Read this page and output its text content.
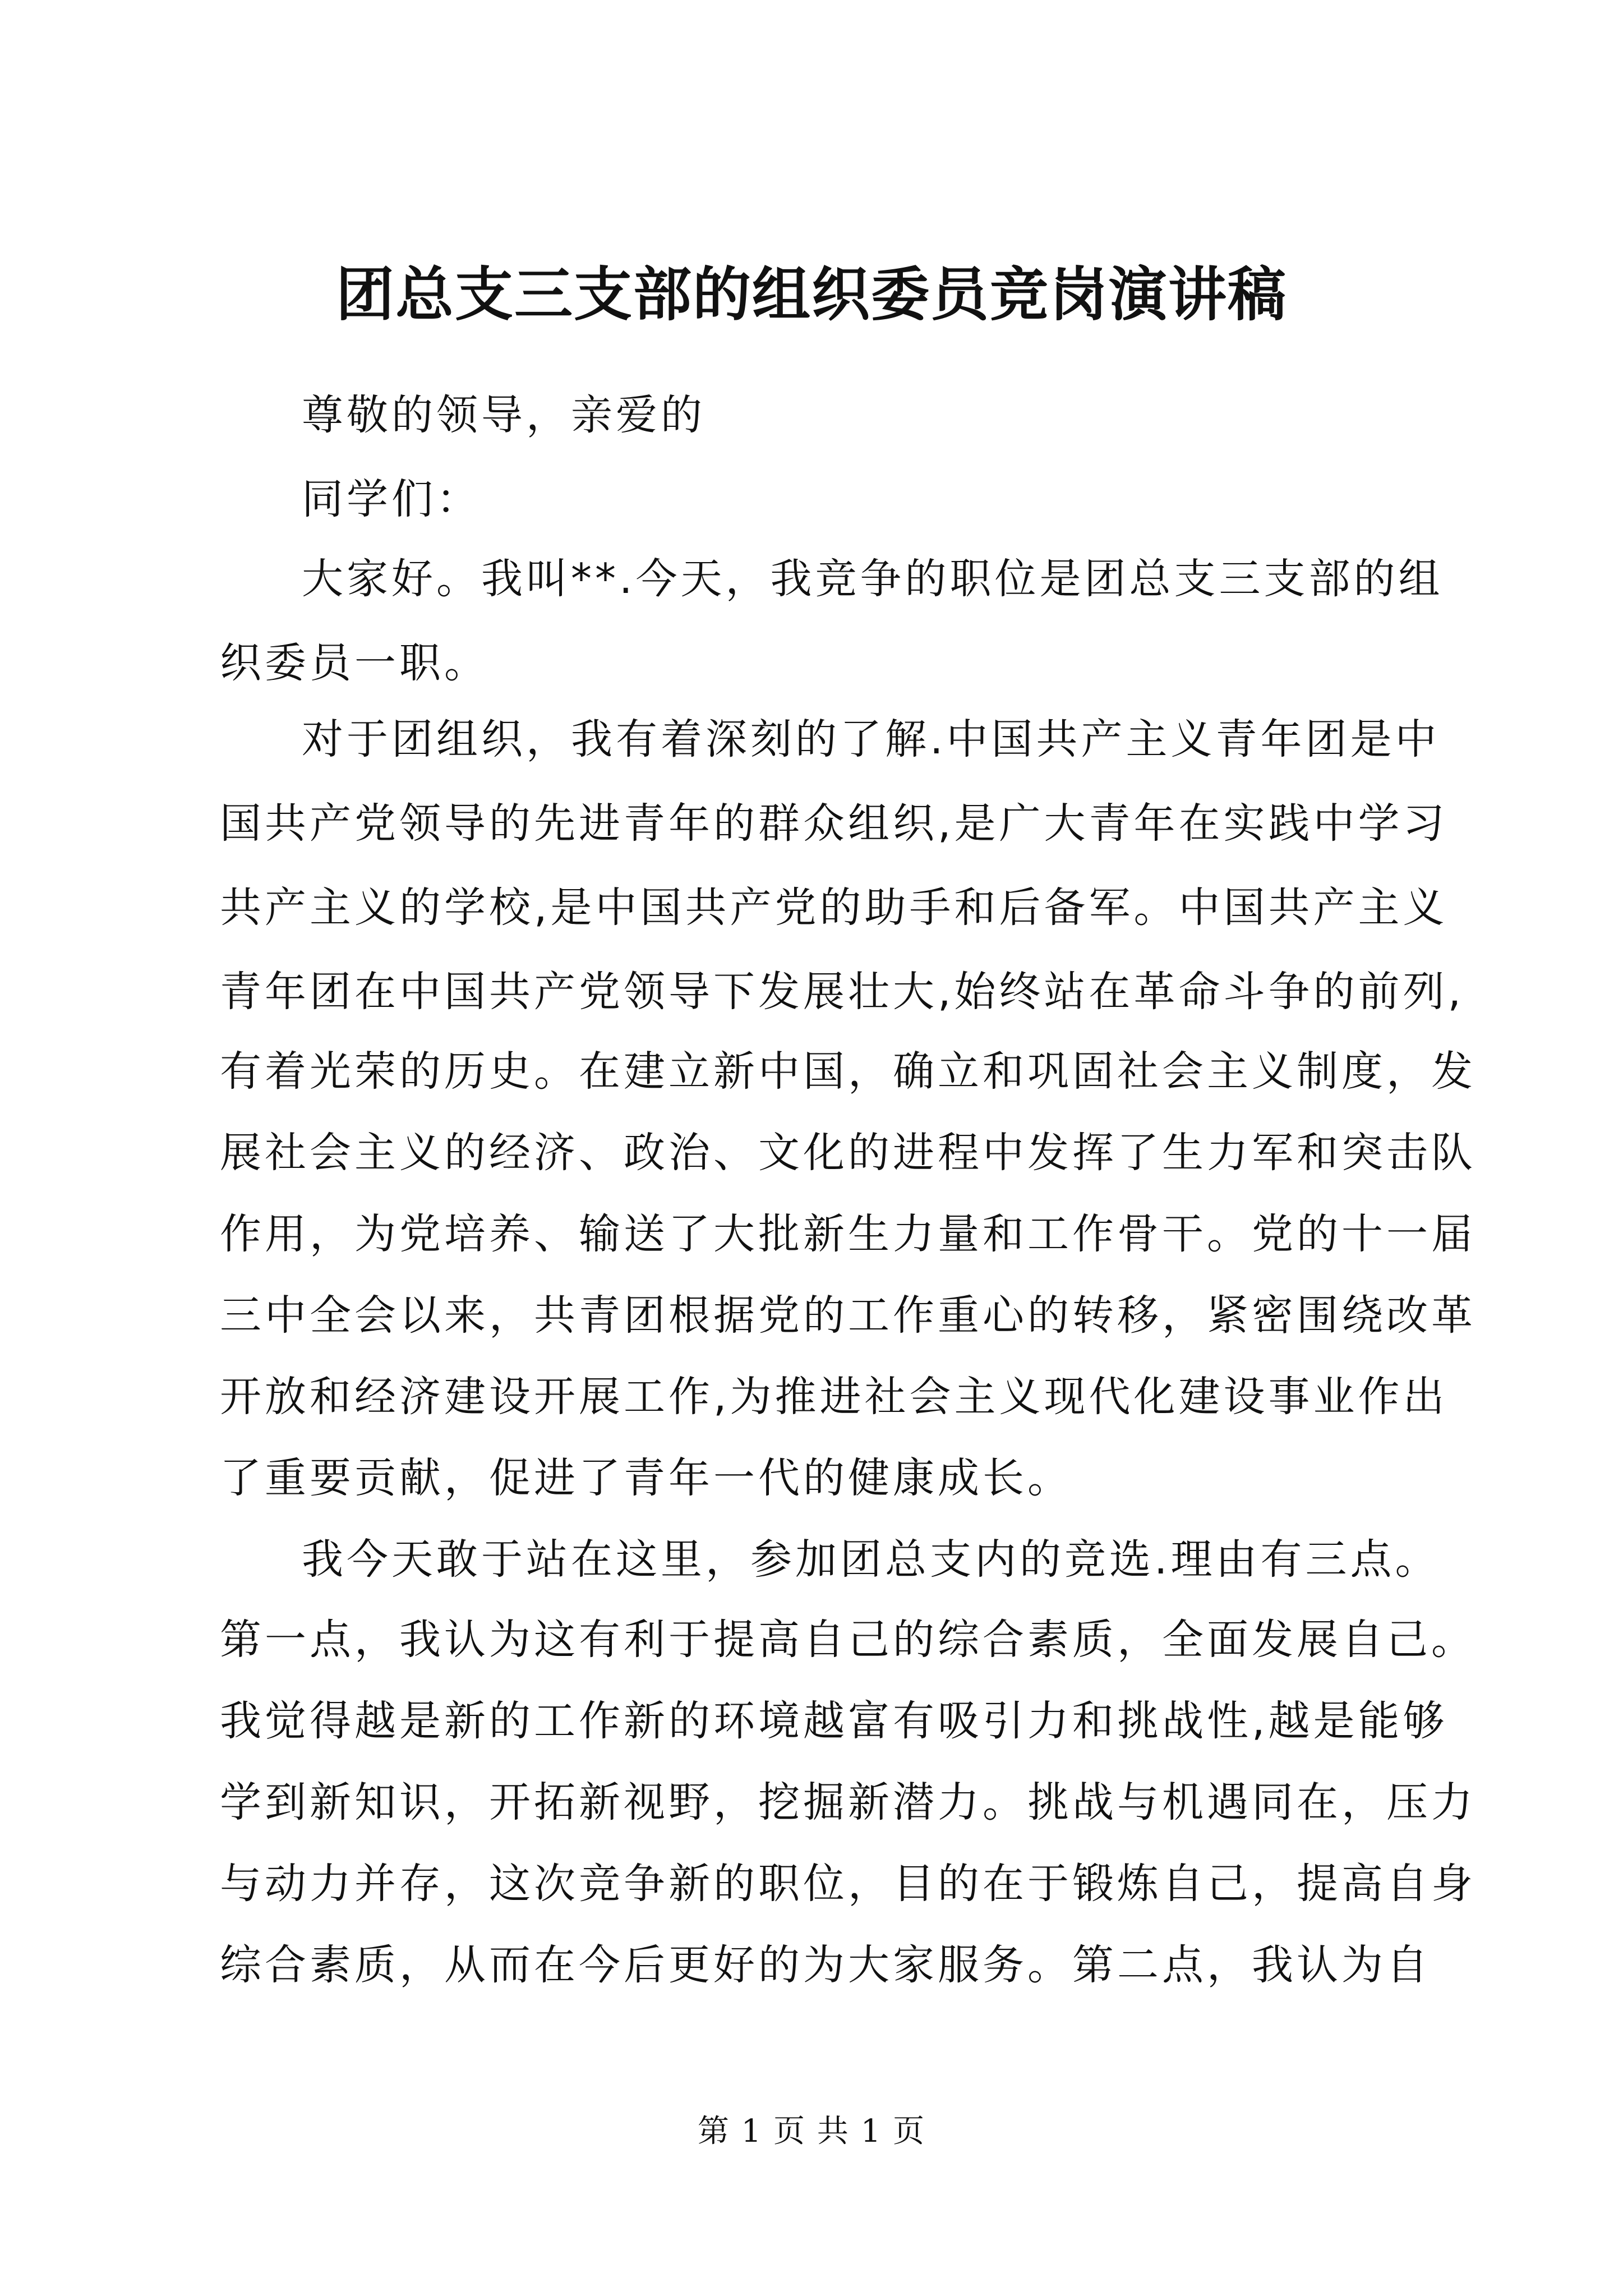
团总支三支部的组织委员竞岗演讲稿
尊敬的领导，亲爱的
同学们：
大家好。我叫**.今天，我竞争的职位是团总支三支部的组
织委员一职。
对于团组织，我有着深刻的了解.中国共产主义青年团是中
国共产党领导的先进青年的群众组织,是广大青年在实践中学习
共产主义的学校,是中国共产党的助手和后备军。中国共产主义
青年团在中国共产党领导下发展壮大,始终站在革命斗争的前列,
有着光荣的历史。在建立新中国，确立和巩固社会主义制度，发
展社会主义的经济、政治、文化的进程中发挥了生力军和突击队
作用，为党培养、输送了大批新生力量和工作骨干。党的十一届
三中全会以来，共青团根据党的工作重心的转移，紧密围绕改革
开放和经济建设开展工作,为推进社会主义现代化建设事业作出
了重要贡献，促进了青年一代的健康成长。
我今天敢于站在这里，参加团总支内的竞选.理由有三点。
第一点，我认为这有利于提高自己的综合素质，全面发展自己。
我觉得越是新的工作新的环境越富有吸引力和挑战性,越是能够
学到新知识，开拓新视野，挖掘新潜力。挑战与机遇同在，压力
与动力并存，这次竞争新的职位，目的在于锻炼自己，提高自身
综合素质，从而在今后更好的为大家服务。第二点，我认为自
第 1 页 共 1 页
